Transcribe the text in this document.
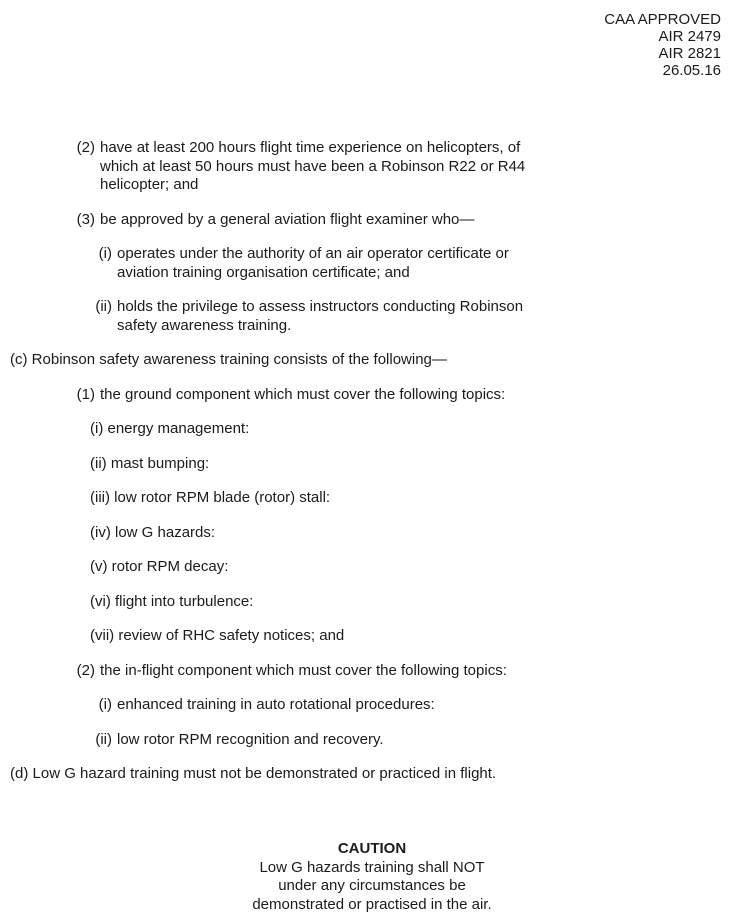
CAA APPROVED
AIR 2479
AIR 2821
26.05.16
(2) have at least 200 hours flight time experience on helicopters, of
which at least 50 hours must have been a Robinson R22 or R44
helicopter; and
(3) be approved by a general aviation flight examiner who—
(i) operates under the authority of an air operator certificate or
aviation training organisation certificate; and
(ii) holds the privilege to assess instructors conducting Robinson
safety awareness training.
(c) Robinson safety awareness training consists of the following—
(1) the ground component which must cover the following topics:
(i) energy management:
(ii) mast bumping:
(iii) low rotor RPM blade (rotor) stall:
(iv) low G hazards:
(v) rotor RPM decay:
(vi) flight into turbulence:
(vii) review of RHC safety notices; and
(2) the in-flight component which must cover the following topics:
(i) enhanced training in auto rotational procedures:
(ii) low rotor RPM recognition and recovery.
(d) Low G hazard training must not be demonstrated or practiced in flight.
CAUTION
Low G hazards training shall NOT
under any circumstances be
demonstrated or practised in the air.
